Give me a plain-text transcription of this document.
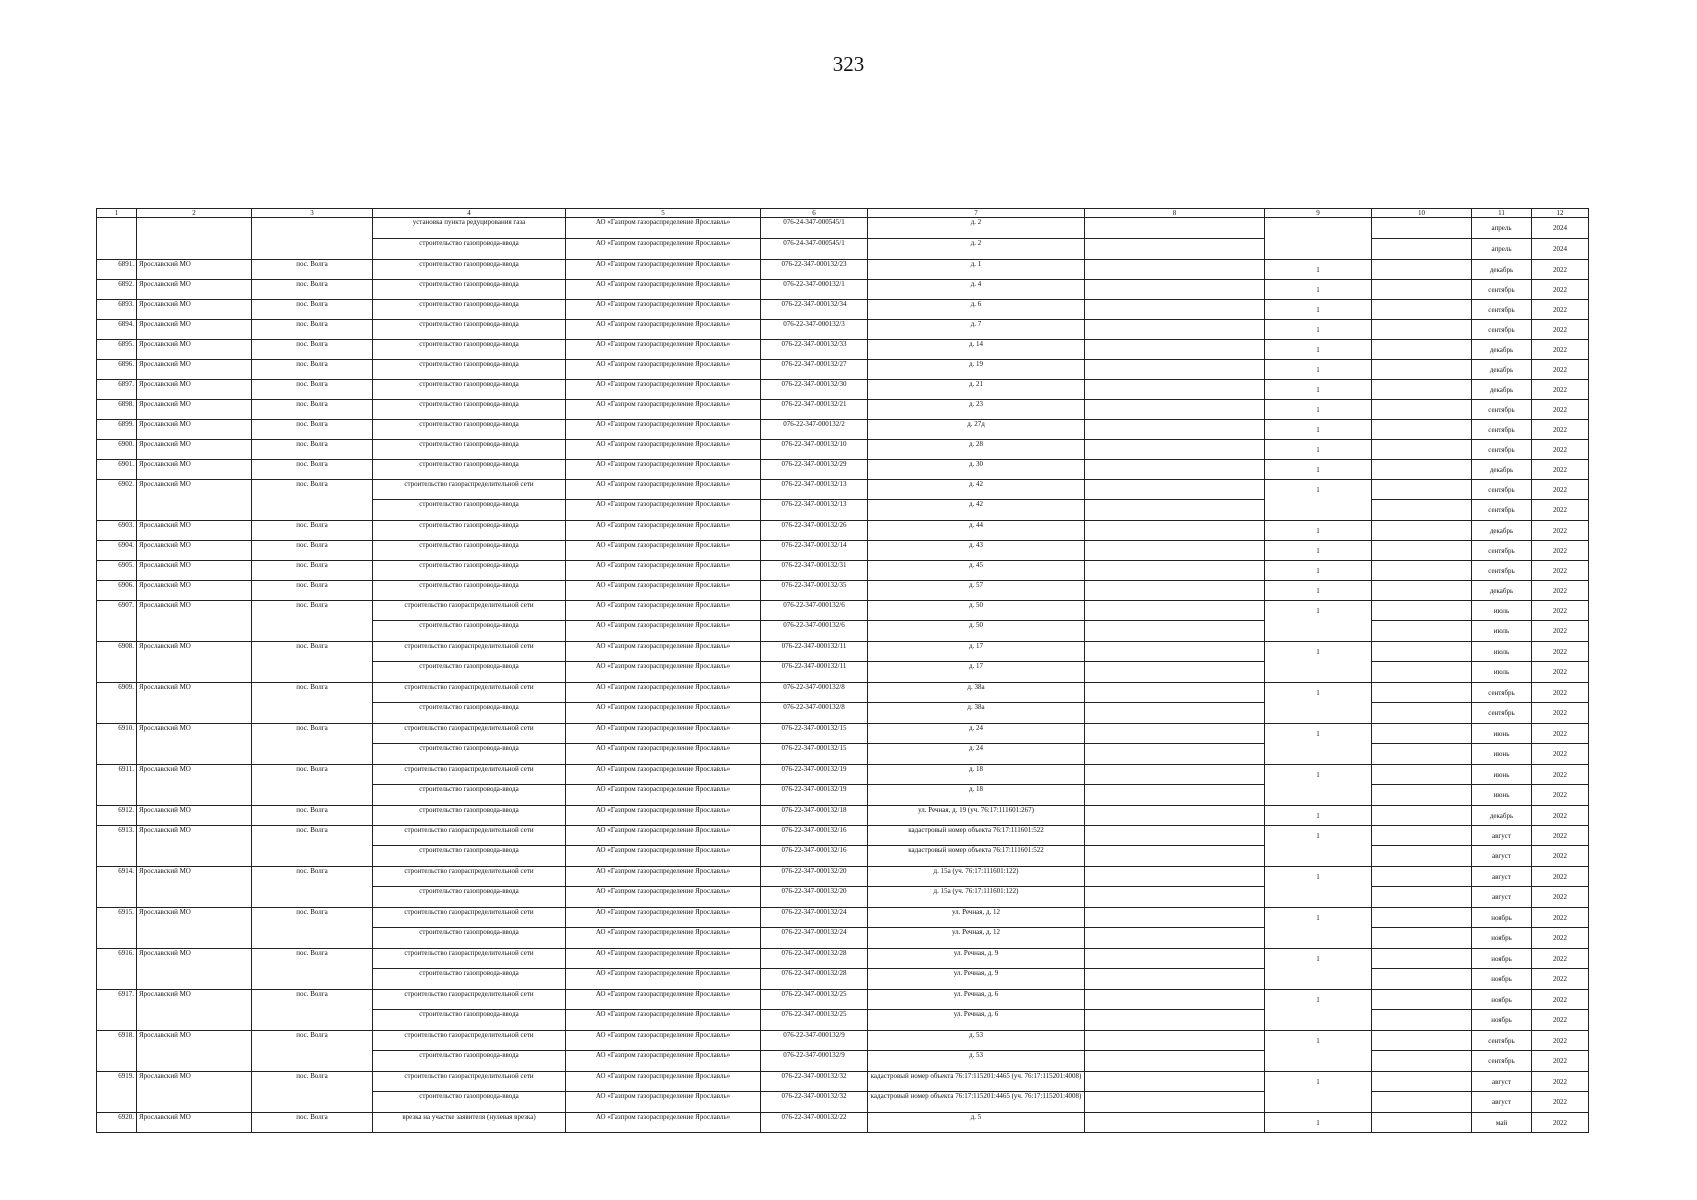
323
1	2	3	4	5	6	7	8	9	10	11	12
			установка пункта редуцирования газа	АО «Газпром газораспределение Ярославль»	076-24-347-000545/1	д. 2				апрель	2024
			строительство газопровода-ввода	АО «Газпром газораспределение Ярославль»	076-24-347-000545/1	д. 2				апрель	2024
6891.	Ярославский МО	пос. Волга	строительство газопровода-ввода	АО «Газпром газораспределение Ярославль»	076-22-347-000132/23	д. 1		1		декабрь	2022
6892.	Ярославский МО	пос. Волга	строительство газопровода-ввода	АО «Газпром газораспределение Ярославль»	076-22-347-000132/1	д. 4		1		сентябрь	2022
6893.	Ярославский МО	пос. Волга	строительство газопровода-ввода	АО «Газпром газораспределение Ярославль»	076-22-347-000132/34	д. 6		1		сентябрь	2022
6894.	Ярославский МО	пос. Волга	строительство газопровода-ввода	АО «Газпром газораспределение Ярославль»	076-22-347-000132/3	д. 7		1		сентябрь	2022
6895.	Ярославский МО	пос. Волга	строительство газопровода-ввода	АО «Газпром газораспределение Ярославль»	076-22-347-000132/33	д. 14		1		декабрь	2022
6896.	Ярославский МО	пос. Волга	строительство газопровода-ввода	АО «Газпром газораспределение Ярославль»	076-22-347-000132/27	д. 19		1		декабрь	2022
6897.	Ярославский МО	пос. Волга	строительство газопровода-ввода	АО «Газпром газораспределение Ярославль»	076-22-347-000132/30	д. 21		1		декабрь	2022
6898.	Ярославский МО	пос. Волга	строительство газопровода-ввода	АО «Газпром газораспределение Ярославль»	076-22-347-000132/21	д. 23		1		сентябрь	2022
6899.	Ярославский МО	пос. Волга	строительство газопровода-ввода	АО «Газпром газораспределение Ярославль»	076-22-347-000132/2	д. 27д		1		сентябрь	2022
6900.	Ярославский МО	пос. Волга	строительство газопровода-ввода	АО «Газпром газораспределение Ярославль»	076-22-347-000132/10	д. 28		1		сентябрь	2022
6901.	Ярославский МО	пос. Волга	строительство газопровода-ввода	АО «Газпром газораспределение Ярославль»	076-22-347-000132/29	д. 30		1		декабрь	2022
6902.	Ярославский МО	пос. Волга	строительство газораспределительной сети	АО «Газпром газораспределение Ярославль»	076-22-347-000132/13	д. 42		1		сентябрь	2022
			строительство газопровода-ввода	АО «Газпром газораспределение Ярославль»	076-22-347-000132/13	д. 42				сентябрь	2022
6903.	Ярославский МО	пос. Волга	строительство газопровода-ввода	АО «Газпром газораспределение Ярославль»	076-22-347-000132/26	д. 44		1		декабрь	2022
6904.	Ярославский МО	пос. Волга	строительство газопровода-ввода	АО «Газпром газораспределение Ярославль»	076-22-347-000132/14	д. 43		1		сентябрь	2022
6905.	Ярославский МО	пос. Волга	строительство газопровода-ввода	АО «Газпром газораспределение Ярославль»	076-22-347-000132/31	д. 45		1		сентябрь	2022
6906.	Ярославский МО	пос. Волга	строительство газопровода-ввода	АО «Газпром газораспределение Ярославль»	076-22-347-000132/35	д. 57		1		декабрь	2022
6907.	Ярославский МО	пос. Волга	строительство газораспределительной сети	АО «Газпром газораспределение Ярославль»	076-22-347-000132/6	д. 50		1		июль	2022
			строительство газопровода-ввода	АО «Газпром газораспределение Ярославль»	076-22-347-000132/6	д. 50				июль	2022
6908.	Ярославский МО	пос. Волга	строительство газораспределительной сети	АО «Газпром газораспределение Ярославль»	076-22-347-000132/11	д. 17		1		июль	2022
			строительство газопровода-ввода	АО «Газпром газораспределение Ярославль»	076-22-347-000132/11	д. 17				июль	2022
6909.	Ярославский МО	пос. Волга	строительство газораспределительной сети	АО «Газпром газораспределение Ярославль»	076-22-347-000132/8	д. 38а		1		сентябрь	2022
			строительство газопровода-ввода	АО «Газпром газораспределение Ярославль»	076-22-347-000132/8	д. 38а				сентябрь	2022
6910.	Ярославский МО	пос. Волга	строительство газораспределительной сети	АО «Газпром газораспределение Ярославль»	076-22-347-000132/15	д. 24		1		июнь	2022
			строительство газопровода-ввода	АО «Газпром газораспределение Ярославль»	076-22-347-000132/15	д. 24				июнь	2022
6911.	Ярославский МО	пос. Волга	строительство газораспределительной сети	АО «Газпром газораспределение Ярославль»	076-22-347-000132/19	д. 18		1		июнь	2022
			строительство газопровода-ввода	АО «Газпром газораспределение Ярославль»	076-22-347-000132/19	д. 18				июнь	2022
6912.	Ярославский МО	пос. Волга	строительство газопровода-ввода	АО «Газпром газораспределение Ярославль»	076-22-347-000132/18	ул. Речная, д. 19 (уч. 76:17:111601:267)		1		декабрь	2022
6913.	Ярославский МО	пос. Волга	строительство газораспределительной сети	АО «Газпром газораспределение Ярославль»	076-22-347-000132/16	кадастровый номер объекта 76:17:111601:522		1		август	2022
			строительство газопровода-ввода	АО «Газпром газораспределение Ярославль»	076-22-347-000132/16	кадастровый номер объекта 76:17:111601:522				август	2022
6914.	Ярославский МО	пос. Волга	строительство газораспределительной сети	АО «Газпром газораспределение Ярославль»	076-22-347-000132/20	д. 15а (уч. 76:17:111601:122)		1		август	2022
			строительство газопровода-ввода	АО «Газпром газораспределение Ярославль»	076-22-347-000132/20	д. 15а (уч. 76:17:111601:122)				август	2022
6915.	Ярославский МО	пос. Волга	строительство газораспределительной сети	АО «Газпром газораспределение Ярославль»	076-22-347-000132/24	ул. Речная, д. 12		1		ноябрь	2022
			строительство газопровода-ввода	АО «Газпром газораспределение Ярославль»	076-22-347-000132/24	ул. Речная, д. 12				ноябрь	2022
6916.	Ярославский МО	пос. Волга	строительство газораспределительной сети	АО «Газпром газораспределение Ярославль»	076-22-347-000132/28	ул. Речная, д. 9		1		ноябрь	2022
			строительство газопровода-ввода	АО «Газпром газораспределение Ярославль»	076-22-347-000132/28	ул. Речная, д. 9				ноябрь	2022
6917.	Ярославский МО	пос. Волга	строительство газораспределительной сети	АО «Газпром газораспределение Ярославль»	076-22-347-000132/25	ул. Речная, д. 6		1		ноябрь	2022
			строительство газопровода-ввода	АО «Газпром газораспределение Ярославль»	076-22-347-000132/25	ул. Речная, д. 6				ноябрь	2022
6918.	Ярославский МО	пос. Волга	строительство газораспределительной сети	АО «Газпром газораспределение Ярославль»	076-22-347-000132/9	д. 53		1		сентябрь	2022
			строительство газопровода-ввода	АО «Газпром газораспределение Ярославль»	076-22-347-000132/9	д. 53				сентябрь	2022
6919.	Ярославский МО	пос. Волга	строительство газораспределительной сети	АО «Газпром газораспределение Ярославль»	076-22-347-000132/32	кадастровый номер объекта 76:17:115201:4465 (уч. 76:17:115201:4008)		1		август	2022
			строительство газопровода-ввода	АО «Газпром газораспределение Ярославль»	076-22-347-000132/32	кадастровый номер объекта 76:17:115201:4465 (уч. 76:17:115201:4008)				август	2022
6920.	Ярославский МО	пос. Волга	врезка на участке заявителя (нулевая врезка)	АО «Газпром газораспределение Ярославль»	076-22-347-000132/22	д. 5		1		май	2022
